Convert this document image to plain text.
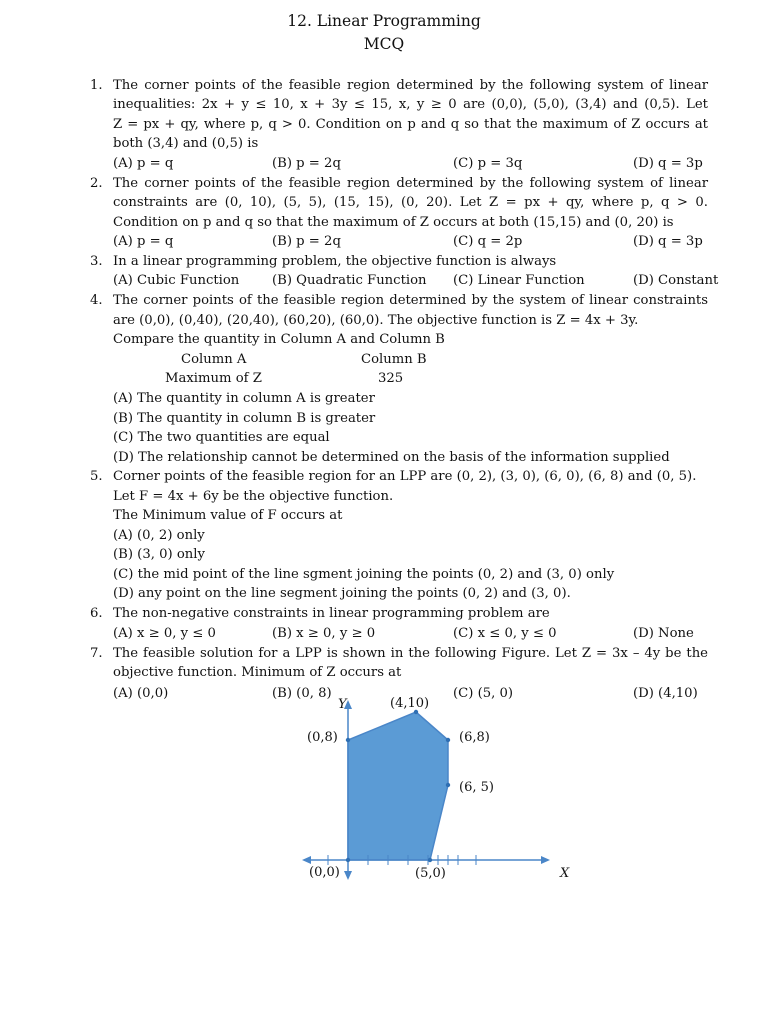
12. Linear Programming
MCQ
1. The corner points of the feasible region determined by the following system of linear
inequalities: 2x + y ≤ 10, x + 3y ≤ 15, x, y ≥ 0 are (0,0), (5,0), (3,4) and (0,5). Let
Z = px + qy, where p, q > 0. Condition on p and q so that the maximum of Z occurs at
both (3,4) and (0,5) is
(A) p = q	(B) p = 2q	(C) p = 3q	(D) q = 3p
2. The corner points of the feasible region determined by the following system of linear
constraints are (0, 10), (5, 5), (15, 15), (0, 20). Let Z = px + qy, where p, q > 0.
Condition on p and q so that the maximum of Z occurs at both (15,15) and (0, 20) is
(A) p = q	(B) p = 2q	(C) q = 2p	(D) q = 3p
3. In a linear programming problem, the objective function is always
(A) Cubic Function (B) Quadratic Function (C) Linear Function	(D) Constant
4. The corner points of the feasible region determined by the system of linear constraints
are (0,0), (0,40), (20,40), (60,20), (60,0). The objective function is Z = 4x + 3y.
Compare the quantity in Column A and Column B
Column A	Column B
Maximum of Z	325
(A) The quantity in column A is greater
(B) The quantity in column B is greater
(C) The two quantities are equal
(D) The relationship cannot be determined on the basis of the information supplied
5. Corner points of the feasible region for an LPP are (0, 2), (3, 0), (6, 0), (6, 8) and (0, 5).
Let F = 4x + 6y be the objective function.
The Minimum value of F occurs at
(A) (0, 2) only
(B) (3, 0) only
(C) the mid point of the line sgment joining the points (0, 2) and (3, 0) only
(D) any point on the line segment joining the points (0, 2) and (3, 0).
6. The non-negative constraints in linear programming problem are
(A) x ≥ 0, y ≤ 0	(B) x ≥ 0, y ≥ 0	(C) x ≤ 0, y ≤ 0	(D) None
7. The feasible solution for a LPP is shown in the following Figure. Let Z = 3x – 4y be the
objective function. Minimum of Z occurs at
(A) (0,0)	(B) (0, 8)	(C) (5, 0)	(D) (4,10)
Y
X
(4,10)
(0,8)	(6,8)
(6, 5)
(0,0)	(5,0)
